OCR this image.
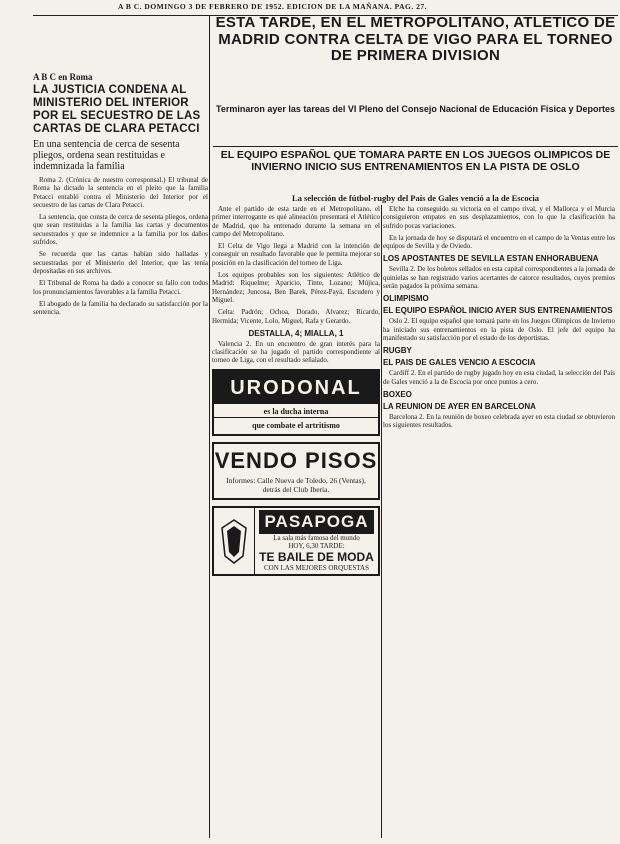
A B C. DOMINGO 3 DE FEBRERO DE 1952. EDICION DE LA MAÑANA. PAG. 27.
A B C en Roma
LA JUSTICIA CONDENA AL MINISTERIO DEL INTERIOR POR EL SECUESTRO DE LAS CARTAS DE CLARA PETACCI
En una sentencia de cerca de sesenta pliegos, ordena sean restituidas e indemnizada la familia

Roma 2. (Crónica de nuestro corresponsal.) El tribunal de Roma ha dictado la sentencia en el pleito que la familia Petacci entabló contra el Ministerio del Interior por el secuestro de las cartas de Clara Petacci.

La sentencia, que consta de cerca de sesenta pliegos, ordena que sean restituidas a la familia las cartas y documentos secuestrados y que se indemnice a la familia por los daños sufridos.

Se recuerda que las cartas habían sido halladas y secuestradas por el Ministerio del Interior, que las tenía depositadas en sus archivos.

El Tribunal de Roma ha dado a conocer su fallo con todos los pronunciamientos favorables a la familia Petacci.

El abogado de la familia ha declarado su satisfacción por la sentencia.

ESTA TARDE, EN EL METROPOLITANO, ATLETICO DE MADRID CONTRA CELTA DE VIGO PARA EL TORNEO DE PRIMERA DIVISION
Terminaron ayer las tareas del VI Pleno del Consejo Nacional de Educación Física y Deportes
EL EQUIPO ESPAÑOL QUE TOMARA PARTE EN LOS JUEGOS OLIMPICOS DE INVIERNO INICIO SUS ENTRENAMIENTOS EN LA PISTA DE OSLO
La selección de fútbol-rugby del País de Gales venció a la de Escocia

Ante el partido de esta tarde en el Metropolitano, el primer interrogante es qué alineación presentará el Atlético de Madrid, que ha entrenado durante la semana en el campo del Metropolitano.

El Celta de Vigo llega a Madrid con la intención de conseguir un resultado favorable que le permita mejorar su posición en la clasificación del torneo de Liga.

Los equipos probables son los siguientes: Atlético de Madrid: Riquelme; Aparicio, Tinte, Lozano; Mújica, Hernández; Juncosa, Ben Barek, Pérez-Payá, Escudero y Miguel.

Celta: Padrón; Ochoa, Dorado, Alvarez; Ricardo, Hermida; Vicente, Lolo, Miguel, Rafa y Gerardo.

DESTALLA, 4; MIALLA, 1

Valencia 2. En un encuentro de gran interés para la clasificación se ha jugado el partido correspondiente al torneo de Liga, con el resultado señalado.

URODONAL
es la ducha interna
que combate el artritismo
VENDO PISOS
Informes: Calle Nueva de Toledo, 26 (Ventas), detrás del Club Iberia.
PASAPOGA
La sala más famosa del mundo
HOY, 6,30 TARDE:
TE BAILE DE MODA
CON LAS MEJORES ORQUESTAS

Elche ha conseguido su victoria en el campo rival, y el Mallorca y el Murcia consiguieron empates en sus desplazamientos, con lo que la clasificación ha sufrido pocas variaciones.

En la jornada de hoy se disputará el encuentro en el campo de la Ventas entre los equipos de Sevilla y de Oviedo.

LOS APOSTANTES DE SEVILLA ESTAN ENHORABUENA

Sevilla 2. De los boletos sellados en esta capital correspondientes a la jornada de quinielas se han registrado varios acertantes de catorce resultados, cuyos premios serán pagados la próxima semana.

OLIMPISMO
EL EQUIPO ESPAÑOL INICIO AYER SUS ENTRENAMIENTOS

Oslo 2. El equipo español que tomará parte en los Juegos Olímpicos de Invierno ha iniciado sus entrenamientos en la pista de Oslo. El jefe del equipo ha manifestado su satisfacción por el estado de los deportistas.

RUGBY
EL PAIS DE GALES VENCIO A ESCOCIA

Cardiff 2. En el partido de rugby jugado hoy en esta ciudad, la selección del País de Gales venció a la de Escocia por once puntos a cero.

BOXEO
LA REUNION DE AYER EN BARCELONA

Barcelona 2. En la reunión de boxeo celebrada ayer en esta ciudad se obtuvieron los siguientes resultados.
